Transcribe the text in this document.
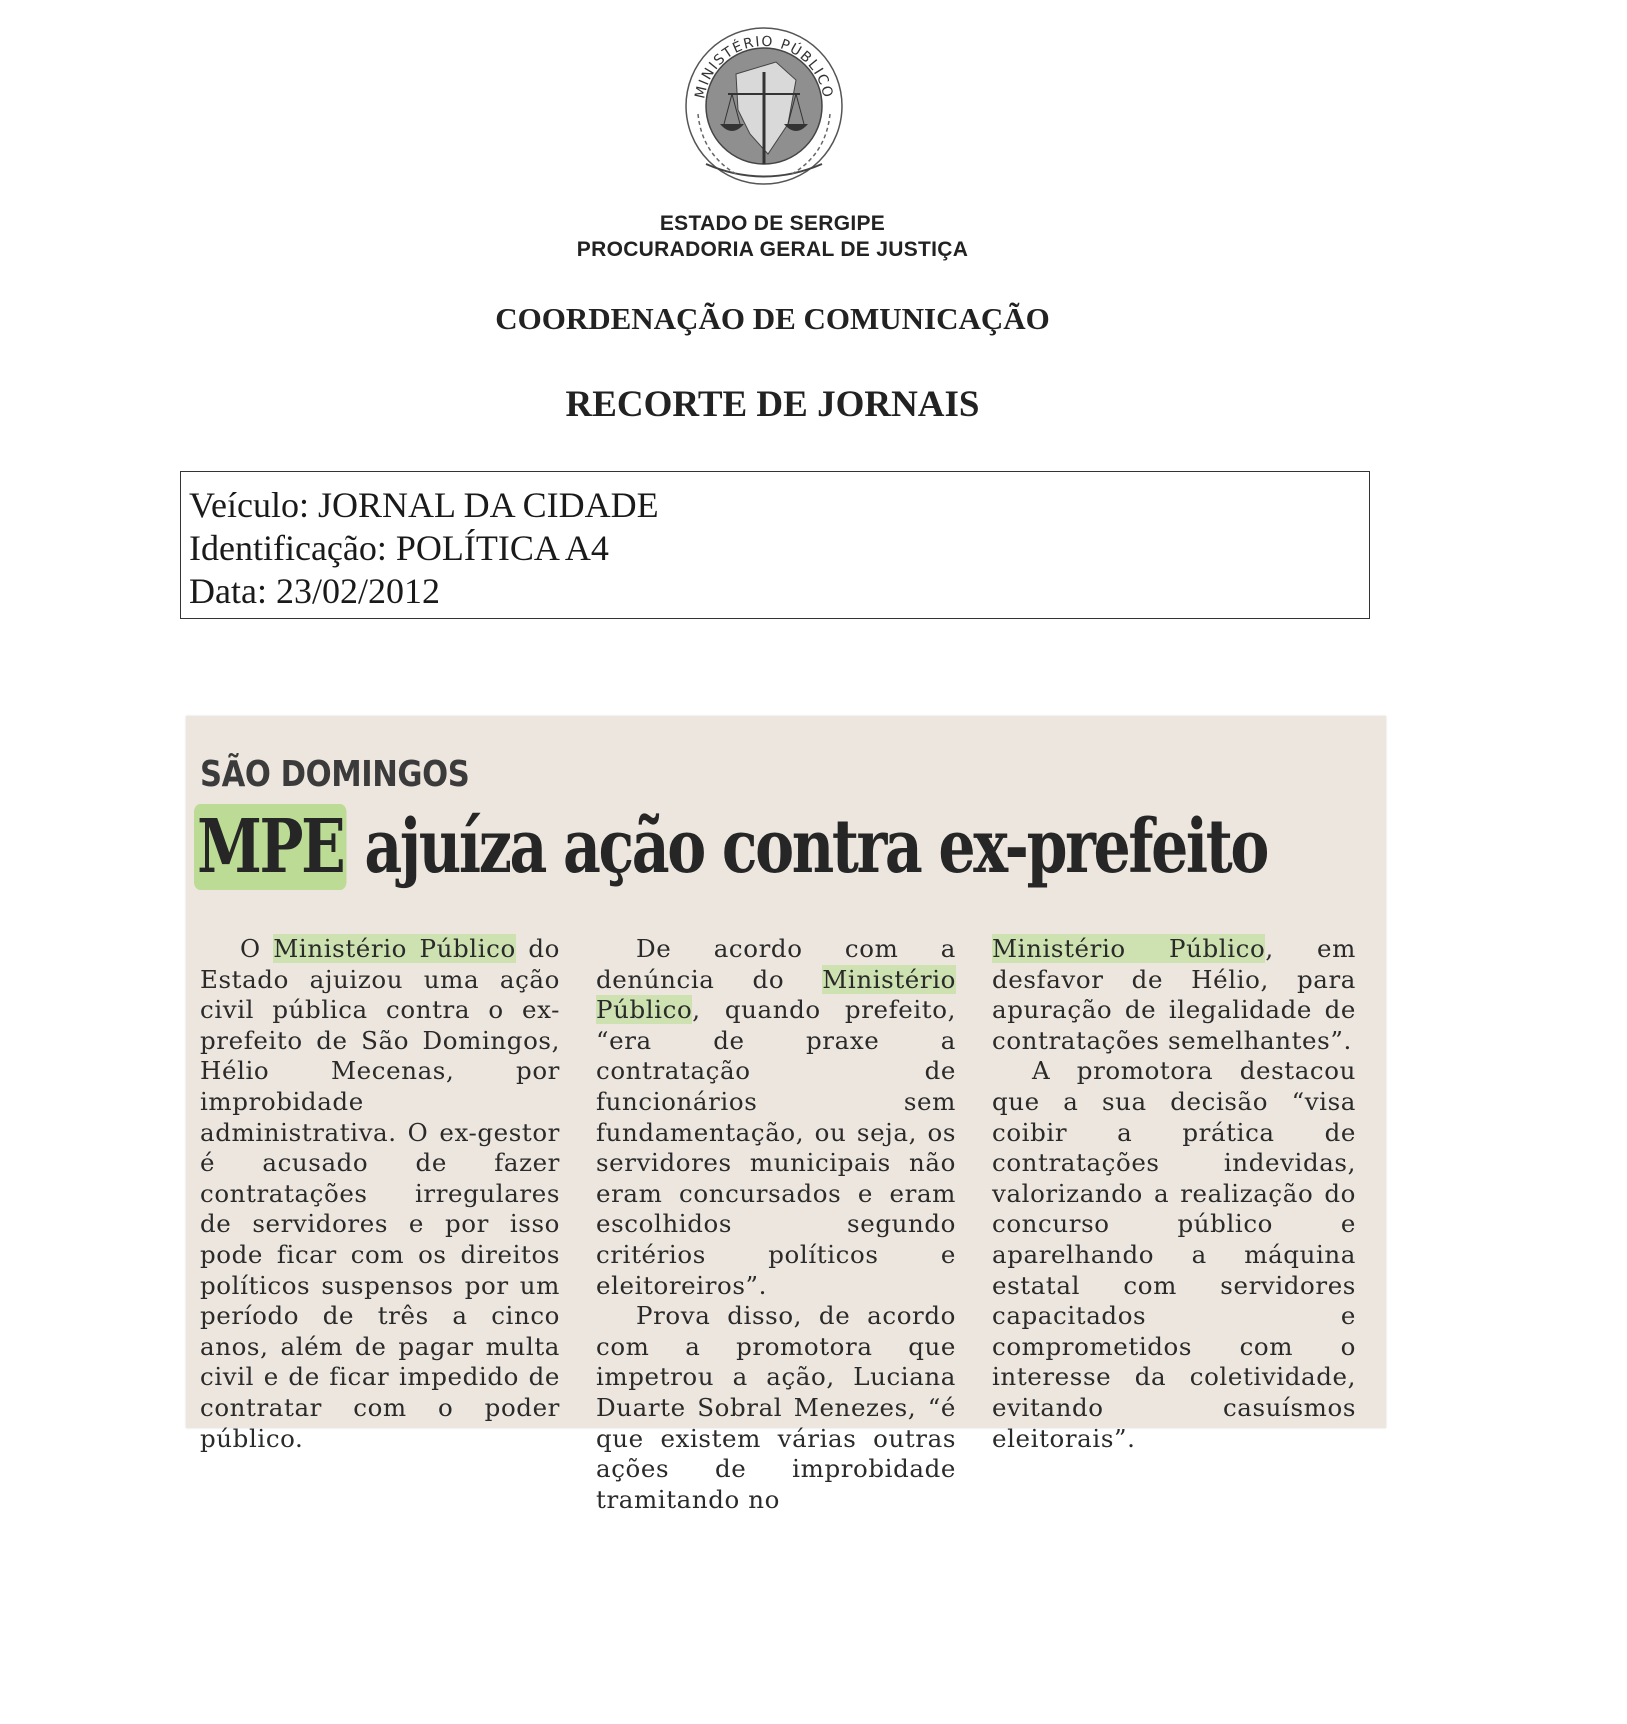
MINISTÉRIO PÚBLICO
ESTADO DE SERGIPE
PROCURADORIA GERAL DE JUSTIÇA
COORDENAÇÃO DE COMUNICAÇÃO
RECORTE DE JORNAIS
Veículo: JORNAL DA CIDADE
Identificação: POLÍTICA A4
Data: 23/02/2012
SÃO DOMINGOS
MPE ajuíza ação contra ex-prefeito

O Ministério Público do Estado ajuizou uma ação civil pública contra o ex-prefeito de São Domingos, Hélio Mecenas, por improbidade administrativa. O ex-gestor é acusado de fazer contratações irregulares de servidores e por isso pode ficar com os direitos políticos suspensos por um período de três a cinco anos, além de pagar multa civil e de ficar impedido de contratar com o poder público.

De acordo com a denúncia do Ministério Público, quando prefeito, “era de praxe a contratação de funcionários sem fundamentação, ou seja, os servidores municipais não eram concursados e eram escolhidos segundo critérios políticos e eleitoreiros”.

Prova disso, de acordo com a promotora que impetrou a ação, Luciana Duarte Sobral Menezes, “é que existem várias outras ações de improbidade tramitando no

Ministério Público, em desfavor de Hélio, para apuração de ilegalidade de contratações semelhantes”.

A promotora destacou que a sua decisão “visa coibir a prática de contratações indevidas, valorizando a realização do concurso público e aparelhando a máquina estatal com servidores capacitados e comprometidos com o interesse da coletividade, evitando casuísmos eleitorais”.
